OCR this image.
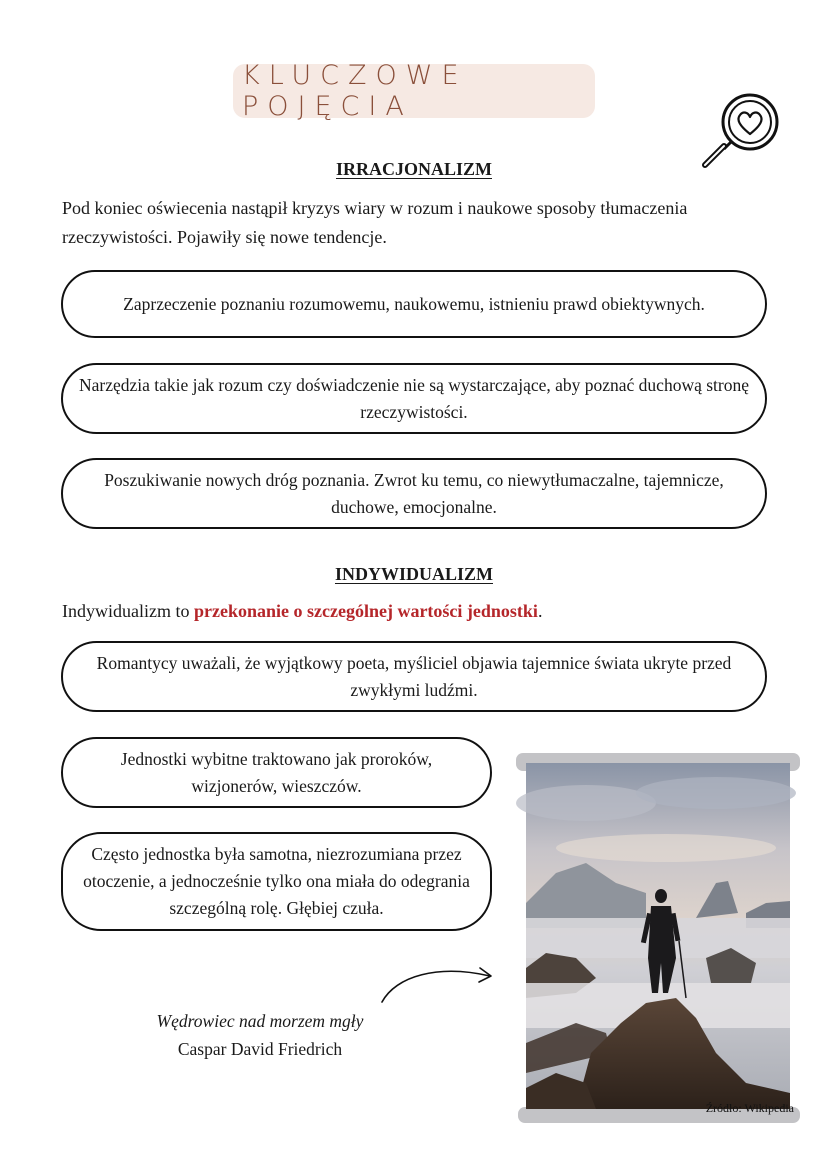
KLUCZOWE POJĘCIA
IRRACJONALIZM
Pod koniec oświecenia nastąpił kryzys wiary w rozum i naukowe sposoby tłumaczenia rzeczywistości. Pojawiły się nowe tendencje.
Zaprzeczenie poznaniu rozumowemu, naukowemu, istnieniu prawd obiektywnych.
Narzędzia takie jak rozum czy doświadczenie nie są wystarczające, aby poznać duchową stronę rzeczywistości.
Poszukiwanie nowych dróg poznania. Zwrot ku temu, co niewytłumaczalne, tajemnicze, duchowe, emocjonalne.
INDYWIDUALIZM
Indywidualizm to przekonanie o szczególnej wartości jednostki.
Romantycy uważali, że wyjątkowy poeta, myśliciel objawia tajemnice świata ukryte przed zwykłymi ludźmi.
Jednostki wybitne traktowano jak proroków, wizjonerów, wieszczów.
Często jednostka była samotna, niezrozumiana przez otoczenie, a jednocześnie tylko ona miała do odegrania szczególną rolę. Głębiej czuła.
Wędrowiec nad morzem mgły
Caspar David Friedrich
Źródło: Wikipedia
